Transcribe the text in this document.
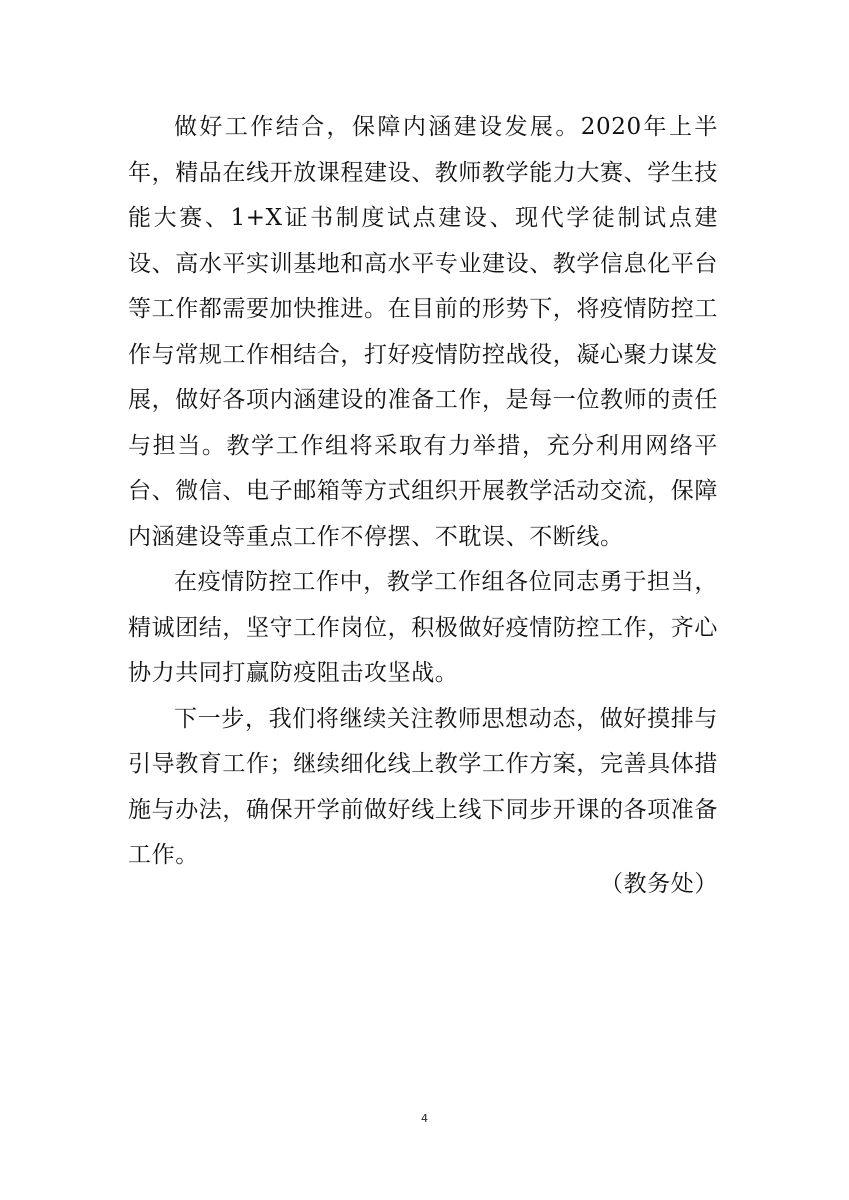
做好工作结合，保障内涵建设发展。2020年上半年，精品在线开放课程建设、教师教学能力大赛、学生技能大赛、1+X证书制度试点建设、现代学徒制试点建设、高水平实训基地和高水平专业建设、教学信息化平台等工作都需要加快推进。在目前的形势下，将疫情防控工作与常规工作相结合，打好疫情防控战役，凝心聚力谋发展，做好各项内涵建设的准备工作，是每一位教师的责任与担当。教学工作组将采取有力举措，充分利用网络平台、微信、电子邮箱等方式组织开展教学活动交流，保障内涵建设等重点工作不停摆、不耽误、不断线。

在疫情防控工作中，教学工作组各位同志勇于担当，精诚团结，坚守工作岗位，积极做好疫情防控工作，齐心协力共同打赢防疫阻击攻坚战。

下一步，我们将继续关注教师思想动态，做好摸排与引导教育工作；继续细化线上教学工作方案，完善具体措施与办法，确保开学前做好线上线下同步开课的各项准备工作。

（教务处）
4
